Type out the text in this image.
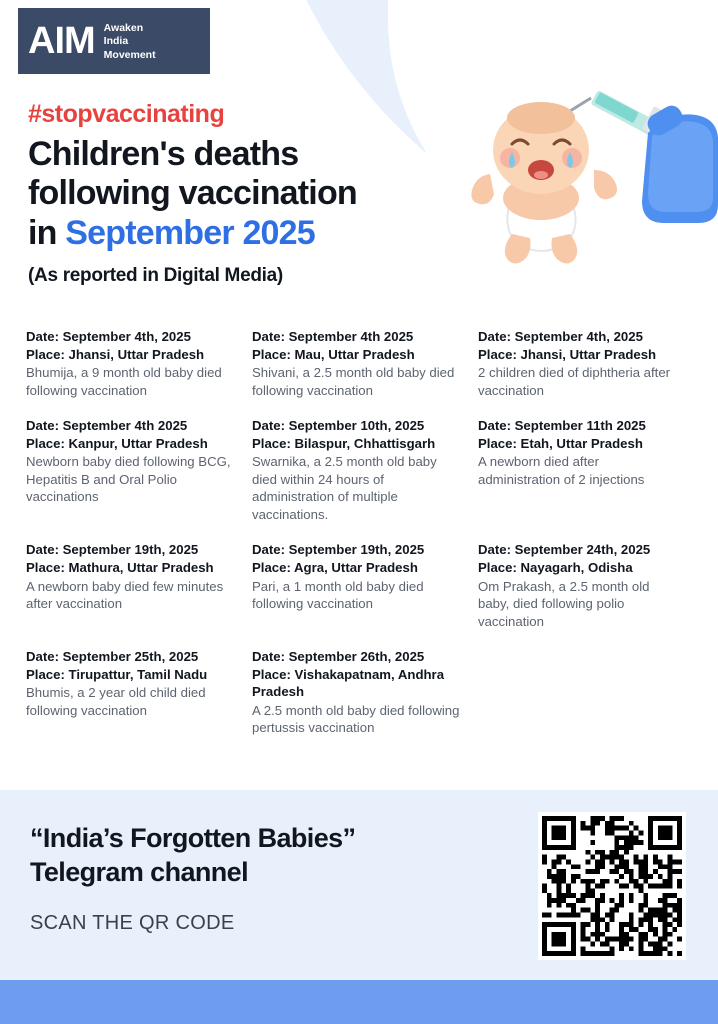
AIM Awaken
India
Movement
#stopvaccinating
Children's deaths
following vaccination
in September 2025
(As reported in Digital Media)
Date: September 4th, 2025
Place: Jhansi, Uttar Pradesh
Bhumija, a 9 month old baby died following vaccination
Date: September 4th 2025
Place: Mau, Uttar Pradesh
Shivani, a 2.5 month old baby died following vaccination
Date: September 4th, 2025
Place: Jhansi, Uttar Pradesh
2 children died of diphtheria after vaccination
Date: September 4th 2025
Place: Kanpur, Uttar Pradesh
Newborn baby died following BCG, Hepatitis B and Oral Polio vaccinations
Date: September 10th, 2025
Place: Bilaspur, Chhattisgarh
Swarnika, a 2.5 month old baby died within 24 hours of administration of multiple vaccinations.
Date: September 11th 2025
Place: Etah, Uttar Pradesh
A newborn died after administration of 2 injections
Date: September 19th, 2025
Place: Mathura, Uttar Pradesh
A newborn baby died few minutes after vaccination
Date: September 19th, 2025
Place: Agra, Uttar Pradesh
Pari, a 1 month old baby died following vaccination
Date: September 24th, 2025
Place: Nayagarh, Odisha
Om Prakash, a 2.5 month old baby, died following polio vaccination
Date: September 25th, 2025
Place: Tirupattur, Tamil Nadu
Bhumis, a 2 year old child died following vaccination
Date: September 26th, 2025
Place: Vishakapatnam, Andhra Pradesh
A 2.5 month old baby died following pertussis vaccination
“India’s Forgotten Babies”
Telegram channel
SCAN THE QR CODE
